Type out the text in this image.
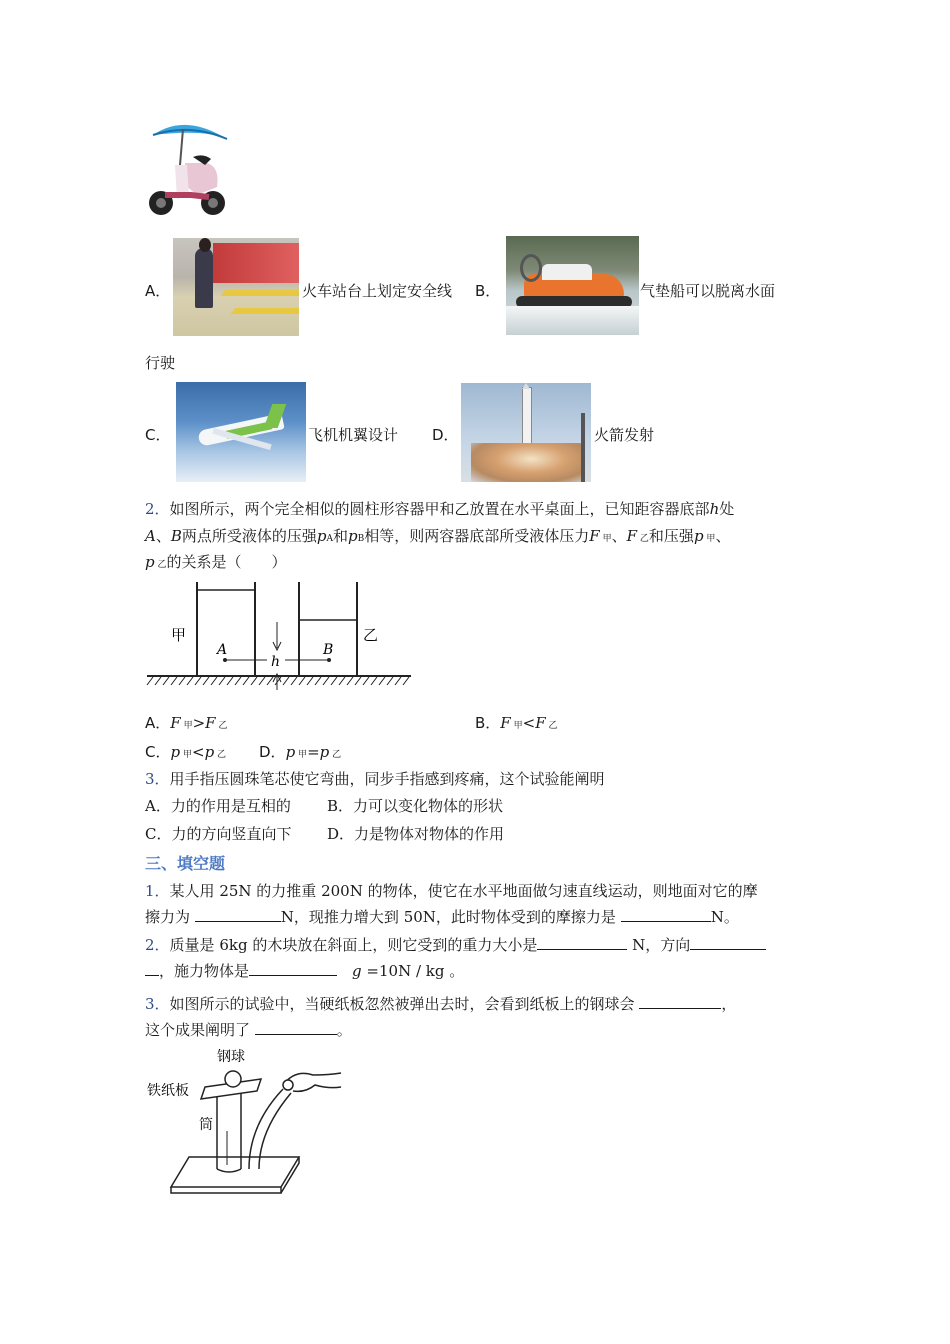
A．	火车站台上划定安全线 B．	气垫船可以脱离水面
行驶
C．	飞机机翼设计 D．	火箭发射
2．如图所示，两个完全相似的圆柱形容器甲和乙放置在水平桌面上，已知距容器底部h处
A、B两点所受液体的压强pA和pB相等，则两容器底部所受液体压力F 甲、F 乙和压强p 甲、
p 乙的关系是（　　）
甲	乙
A	B
h
A．F 甲>F 乙	B．F 甲<F 乙
C．p 甲<p 乙 D．p 甲=p 乙
3．用手指压圆珠笔芯使它弯曲，同步手指感到疼痛，这个试验能阐明
A．力的作用是互相的 B．力可以变化物体的形状
C．力的方向竖直向下 D．力是物体对物体的作用
三、填空题
1．某人用 25N 的力推重 200N 的物体，使它在水平地面做匀速直线运动，则地面对它的摩
擦力为	N，现推力增大到 50N，此时物体受到的摩擦力是	N。
2．质量是 6kg 的木块放在斜面上，则它受到的重力大小是	N，方向
，施力物体是　	g =10N / kg 。
3．如图所示的试验中，当硬纸板忽然被弹出去时，会看到纸板上的钢球会	，
这个成果阐明了	。
钢球
铁纸板
筒
